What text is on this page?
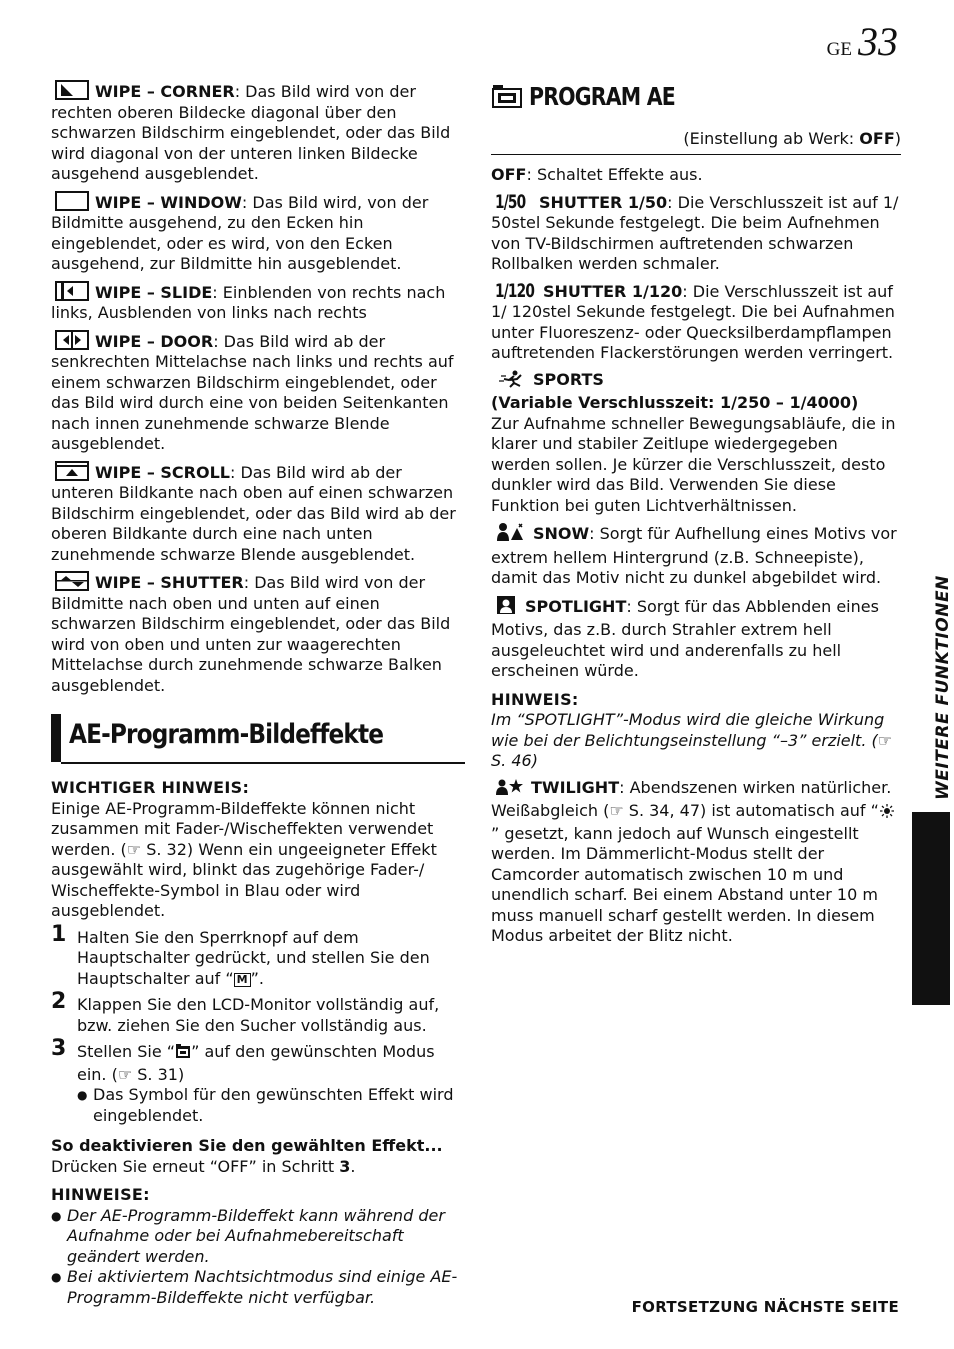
GE 33
WIPE – CORNER: Das Bild wird von der rechten oberen Bildecke diagonal über den schwarzen Bildschirm eingeblendet, oder das Bild wird diagonal von der unteren linken Bildecke ausgehend ausgeblendet.
WIPE – WINDOW: Das Bild wird, von der Bildmitte ausgehend, zu den Ecken hin eingeblendet, oder es wird, von den Ecken ausgehend, zur Bildmitte hin ausgeblendet.
WIPE – SLIDE: Einblenden von rechts nach links, Ausblenden von links nach rechts
WIPE – DOOR: Das Bild wird ab der senkrechten Mittelachse nach links und rechts auf einem schwarzen Bildschirm eingeblendet, oder das Bild wird durch eine von beiden Seitenkanten nach innen zunehmende schwarze Blende ausgeblendet.
WIPE – SCROLL: Das Bild wird ab der unteren Bildkante nach oben auf einen schwarzen Bildschirm eingeblendet, oder das Bild wird ab der oberen Bildkante durch eine nach unten zunehmende schwarze Blende ausgeblendet.
WIPE – SHUTTER: Das Bild wird von der Bildmitte nach oben und unten auf einen schwarzen Bildschirm eingeblendet, oder das Bild wird von oben und unten zur waagerechten Mittelachse durch zunehmende schwarze Balken ausgeblendet.
AE-Programm-Bildeffekte
WICHTIGER HINWEIS:
Einige AE-Programm-Bildeffekte können nicht zusammen mit Fader-/Wischeffekten verwendet werden. (☞ S. 32) Wenn ein ungeeigneter Effekt ausgewählt wird, blinkt das zugehörige Fader-/ Wischeffekte-Symbol in Blau oder wird ausgeblendet.
1 Halten Sie den Sperrknopf auf dem Hauptschalter gedrückt, und stellen Sie den Hauptschalter auf “ M ”.
2 Klappen Sie den LCD-Monitor vollständig auf, bzw. ziehen Sie den Sucher vollständig aus.
3 Stellen Sie “ ” auf den gewünschten Modus ein. (☞ S. 31)
● Das Symbol für den gewünschten Effekt wird eingeblendet.
So deaktivieren Sie den gewählten Effekt...
Drücken Sie erneut “OFF” in Schritt 3.
HINWEISE:
● Der AE-Programm-Bildeffekt kann während der Aufnahme oder bei Aufnahmebereitschaft geändert werden.
● Bei aktiviertem Nachtsichtmodus sind einige AE-Programm-Bildeffekte nicht verfügbar.
PROGRAM AE
(Einstellung ab Werk: OFF)
OFF: Schaltet Effekte aus.
1/50 SHUTTER 1/50: Die Verschlusszeit ist auf 1/ 50stel Sekunde festgelegt. Die beim Aufnehmen von TV-Bildschirmen auftretenden schwarzen Rollbalken werden schmaler.
1/120 SHUTTER 1/120: Die Verschlusszeit ist auf 1/ 120stel Sekunde festgelegt. Die bei Aufnahmen unter Fluoreszenz- oder Quecksilberdampflampen auftretenden Flackerstörungen werden verringert.
SPORTS
(Variable Verschlusszeit: 1/250 – 1/4000)
Zur Aufnahme schneller Bewegungsabläufe, die in klarer und stabiler Zeitlupe wiedergegeben werden sollen. Je kürzer die Verschlusszeit, desto dunkler wird das Bild. Verwenden Sie diese Funktion bei guten Lichtverhältnissen.
SNOW: Sorgt für Aufhellung eines Motivs vor extrem hellem Hintergrund (z.B. Schneepiste), damit das Motiv nicht zu dunkel abgebildet wird.
SPOTLIGHT: Sorgt für das Abblenden eines Motivs, das z.B. durch Strahler extrem hell ausgeleuchtet wird und anderenfalls zu hell erscheinen würde.
HINWEIS:
Im “SPOTLIGHT”-Modus wird die gleiche Wirkung wie bei der Belichtungseinstellung “–3” erzielt. (☞ S. 46)
TWILIGHT: Abendszenen wirken natürlicher. Weißabgleich (☞ S. 34, 47) ist automatisch auf “” gesetzt, kann jedoch auf Wunsch eingestellt werden. Im Dämmerlicht-Modus stellt der Camcorder automatisch zwischen 10 m und unendlich scharf. Bei einem Abstand unter 10 m muss manuell scharf gestellt werden. In diesem Modus arbeitet der Blitz nicht.
WEITERE FUNKTIONEN
FORTSETZUNG NÄCHSTE SEITE
